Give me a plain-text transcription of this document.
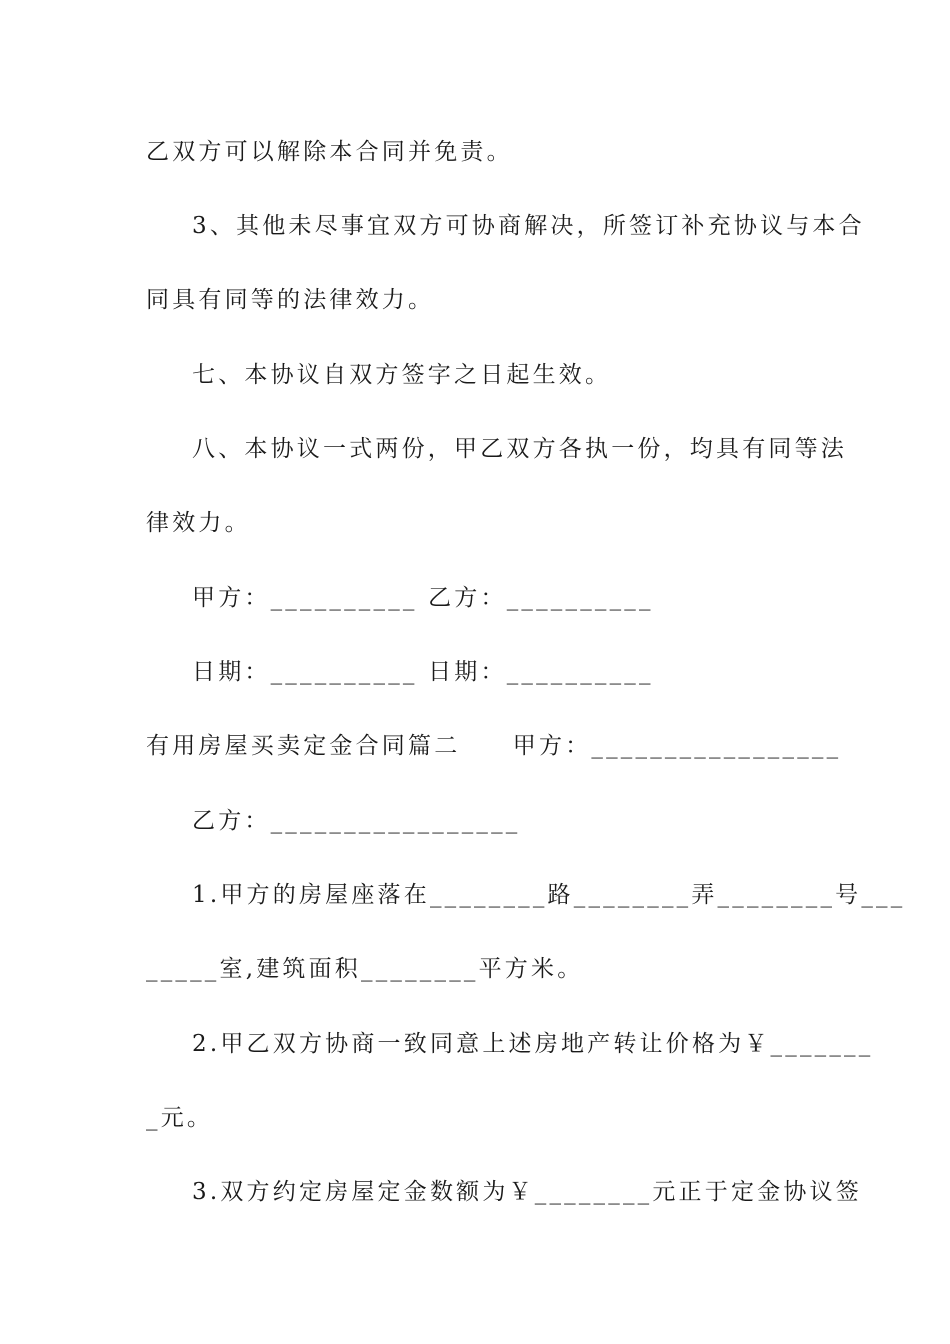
乙双方可以解除本合同并免责。
3、其他未尽事宜双方可协商解决，所签订补充协议与本合
同具有同等的法律效力。
七、本协议自双方签字之日起生效。
八、本协议一式两份，甲乙双方各执一份，均具有同等法
律效力。
甲方：__________ 乙方：__________
日期：__________ 日期：__________
有用房屋买卖定金合同篇二　　甲方：_________________
乙方：_________________
1.甲方的房屋座落在________路________弄________号___
_____室,建筑面积________平方米。
2.甲乙双方协商一致同意上述房地产转让价格为￥_______
_元。
3.双方约定房屋定金数额为￥________元正于定金协议签
